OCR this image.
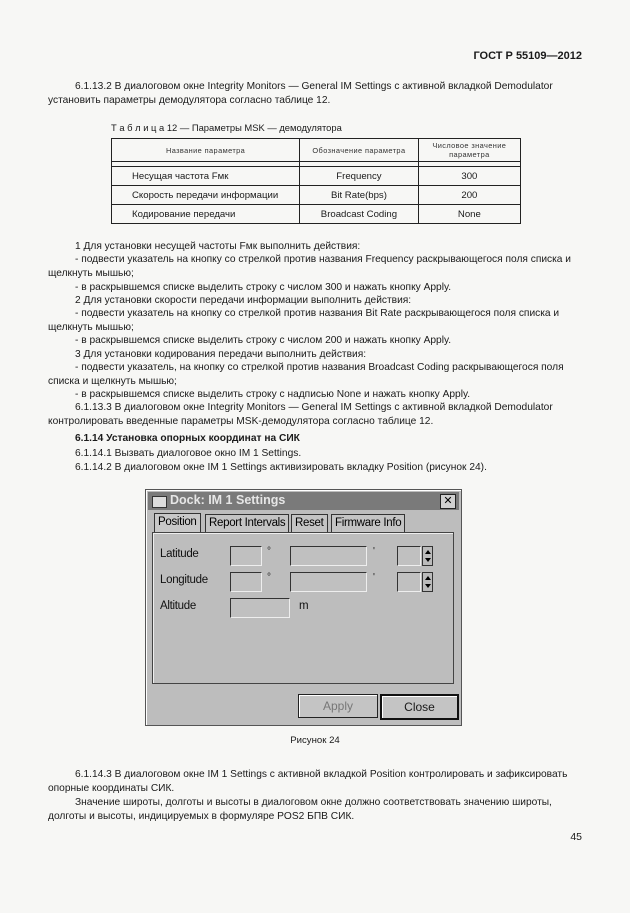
ГОСТ Р 55109—2012
6.1.13.2 В диалоговом окне Integrity Monitors — General IM Settings с активной вкладкой Demodulator установить параметры демодулятора согласно таблице 12.
Т а б л и ц а 12 — Параметры MSK — демодулятора
Название параметра	Обозначение параметра	Числовое значение параметра

Несущая частота Fмк	Frequency	300
Скорость передачи информации	Bit Rate(bps)	200
Кодирование передачи	Broadcast Coding	None
1 Для установки несущей частоты Fмк выполнить действия:
- подвести указатель на кнопку со стрелкой против названия Frequency раскрывающегося поля списка и щелкнуть мышью;
- в раскрывшемся списке выделить строку с числом 300 и нажать кнопку Apply.
2 Для установки скорости передачи информации выполнить действия:
- подвести указатель на кнопку со стрелкой против названия Bit Rate раскрывающегося поля списка и щелкнуть мышью;
- в раскрывшемся списке выделить строку с числом 200 и нажать кнопку Apply.
3 Для установки кодирования передачи выполнить действия:
- подвести указатель, на кнопку со стрелкой против названия Broadcast Coding раскрывающегося поля списка и щелкнуть мышью;
- в раскрывшемся списке выделить строку с надписью None и нажать кнопку Apply.
6.1.13.3 В диалоговом окне Integrity Monitors — General IM Settings с активной вкладкой Demodulator контролировать введенные параметры MSK-демодулятора согласно таблице 12.
6.1.14 Установка опорных координат на СИК
6.1.14.1 Вызвать диалоговое окно IM 1 Settings.
6.1.14.2 В диалоговом окне IM 1 Settings активизировать вкладку Position (рисунок 24).
Dock: IM 1 Settings	✕
Position	Report Intervals Reset Firmware Info
Latitude	°	'
Longitude	°	'
Altitude	m
Apply	Close
Рисунок 24
6.1.14.3 В диалоговом окне IM 1 Settings с активной вкладкой Position контролировать и зафиксировать опорные координаты СИК.
Значение широты, долготы и высоты в диалоговом окне должно соответствовать значению широты, долготы и высоты, индицируемых в формуляре POS2 БПВ СИК.
45
